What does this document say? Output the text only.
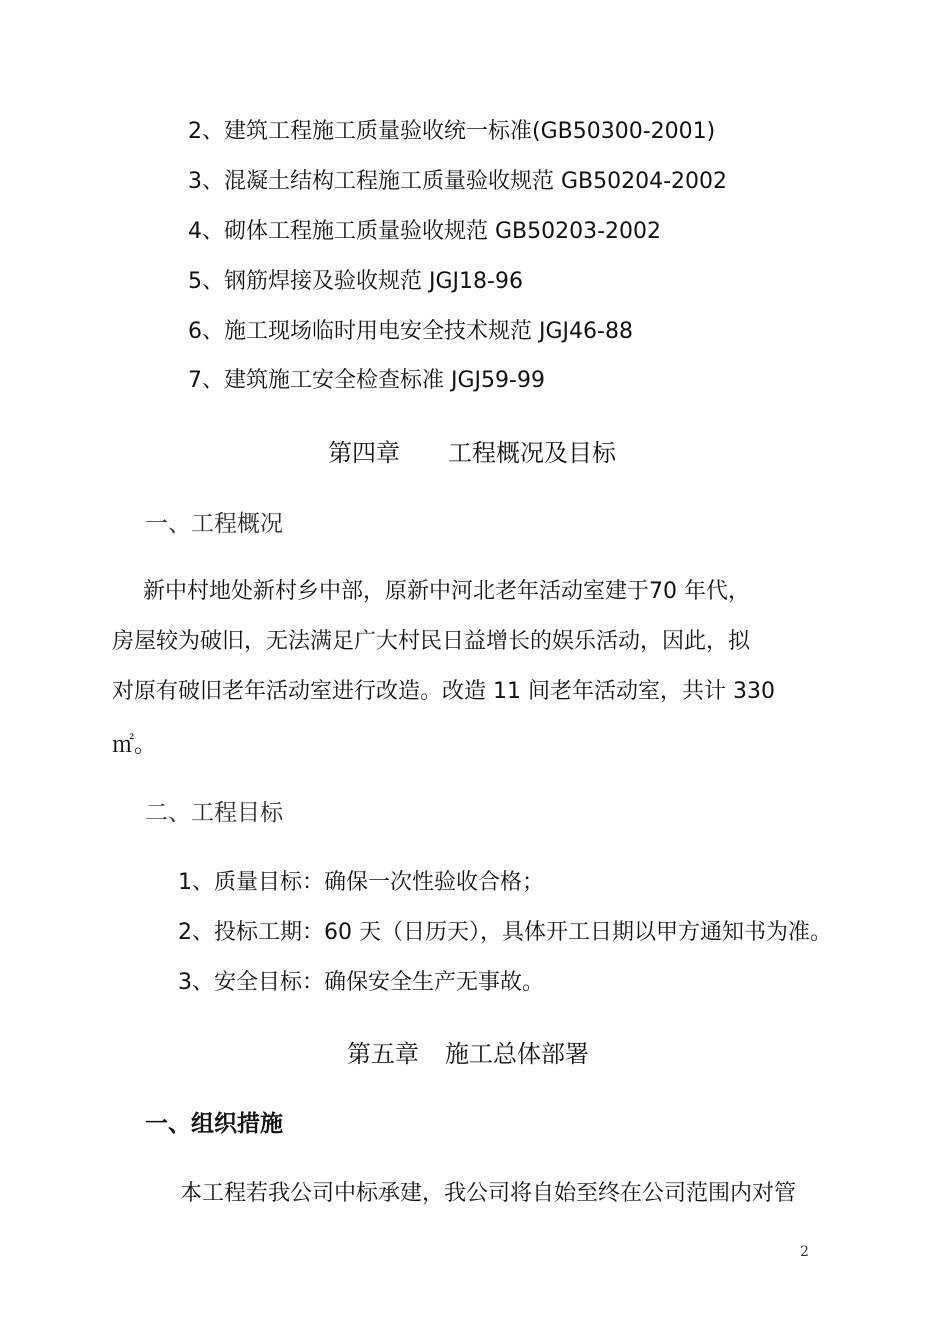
2、建筑工程施工质量验收统一标准(GB50300-2001)
3、混凝土结构工程施工质量验收规范 GB50204-2002
4、砌体工程施工质量验收规范 GB50203-2002
5、钢筋焊接及验收规范 JGJ18-96
6、施工现场临时用电安全技术规范 JGJ46-88
7、建筑施工安全检查标准 JGJ59-99
第四章 工程概况及目标
一、工程概况
新中村地处新村乡中部，原新中河北老年活动室建于70 年代，
房屋较为破旧，无法满足广大村民日益增长的娱乐活动，因此，拟
对原有破旧老年活动室进行改造。改造 11 间老年活动室，共计 330
㎡。
二、工程目标
1、质量目标：确保一次性验收合格；
2、投标工期：60 天（日历天），具体开工日期以甲方通知书为准。
3、安全目标：确保安全生产无事故。
第五章 施工总体部署
一、组织措施
本工程若我公司中标承建，我公司将自始至终在公司范围内对管
2
